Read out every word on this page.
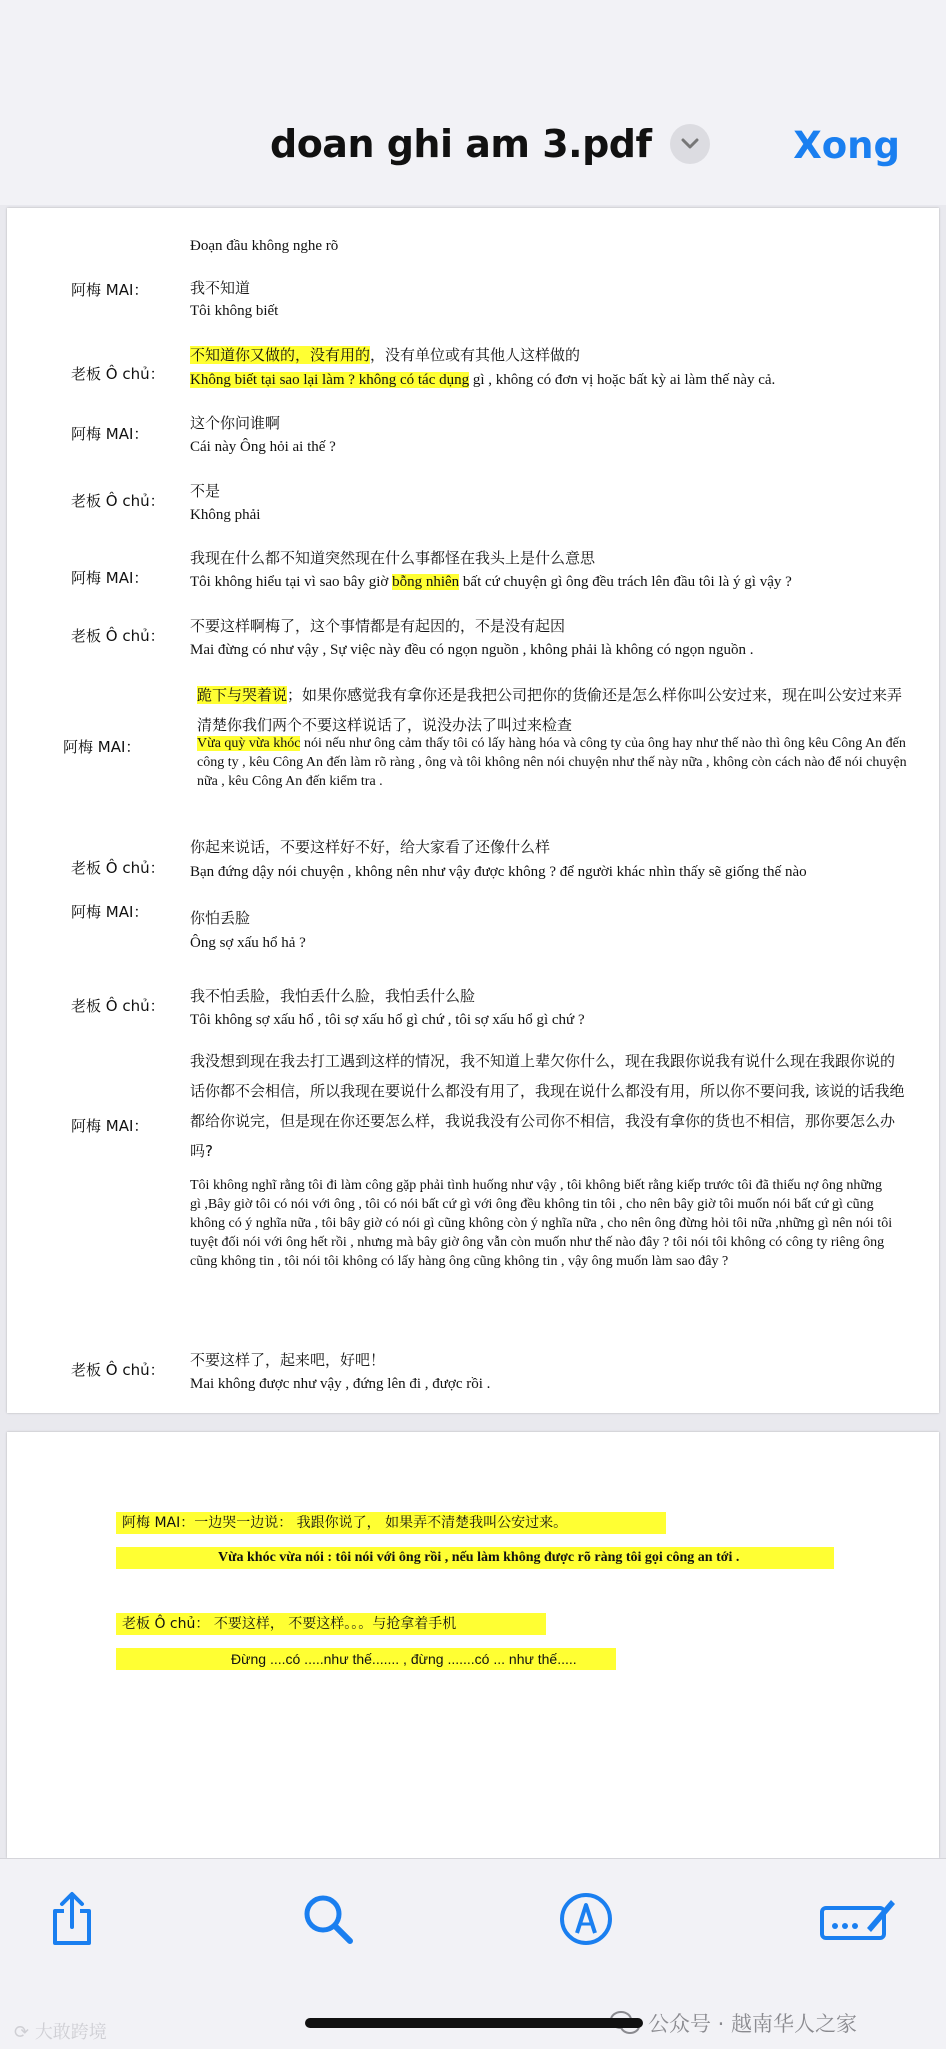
doan ghi am 3.pdf	Xong
Đoạn đầu không nghe rõ
阿梅 MAI：	我不知道
Tôi không biết
老板 Ô chủ：
不知道你又做的，没有用的，没有单位或有其他人这样做的
Không biết tại sao lại làm ? không có tác dụng gì , không có đơn vị hoặc bất kỳ ai làm thế này cả.
阿梅 MAI：
这个你问谁啊
Cái này Ông hỏi ai thế ?
老板 Ô chủ：
不是
Không phải
阿梅 MAI：
我现在什么都不知道突然现在什么事都怪在我头上是什么意思
Tôi không hiểu tại vì sao bây giờ bỗng nhiên bất cứ chuyện gì ông đều trách lên đầu tôi là ý gì vậy ?
老板 Ô chủ：
不要这样啊梅了，这个事情都是有起因的，不是没有起因
Mai đừng có như vậy , Sự việc này đều có ngọn nguồn , không phải là không có ngọn nguồn .
阿梅 MAI：
跪下与哭着说；如果你感觉我有拿你还是我把公司把你的货偷还是怎么样你叫公安过来，现在叫公安过来弄清楚你我们两个不要这样说话了，说没办法了叫过来检查
Vừa quỳ vừa khóc nói nếu như ông cảm thấy tôi có lấy hàng hóa và công ty của ông hay như thế nào thì ông kêu Công An đến công ty , kêu Công An đến làm rõ ràng , ông và tôi không nên nói chuyện như thế này nữa , không còn cách nào để nói chuyện nữa , kêu Công An đến kiểm tra .
老板 Ô chủ：
你起来说话，不要这样好不好，给大家看了还像什么样
Bạn đứng dậy nói chuyện , không nên như vậy được không ? để người khác nhìn thấy sẽ giống thế nào
阿梅 MAI：	你怕丢脸
Ông sợ xấu hổ hả ?
老板 Ô chủ：
我不怕丢脸，我怕丢什么脸，我怕丢什么脸
Tôi không sợ xấu hổ , tôi sợ xấu hổ gì chứ , tôi sợ xấu hổ gì chứ ?
阿梅 MAI：
我没想到现在我去打工遇到这样的情况，我不知道上辈欠你什么，现在我跟你说我有说什么现在我跟你说的话你都不会相信，所以我现在要说什么都没有用了，我现在说什么都没有用，所以你不要问我, 该说的话我绝都给你说完，但是现在你还要怎么样，我说我没有公司你不相信，我没有拿你的货也不相信，那你要怎么办吗?
Tôi không nghĩ rằng tôi đi làm công gặp phải tình huống như vậy , tôi không biết rằng kiếp trước tôi đã thiếu nợ ông những gì ,Bây giờ tôi có nói với ông , tôi có nói bất cứ gì với ông đều không tin tôi , cho nên bây giờ tôi muốn nói bất cứ gì cũng không có ý nghĩa nữa , tôi bây giờ có nói gì cũng không còn ý nghĩa nữa , cho nên ông đừng hỏi tôi nữa ,những gì nên nói tôi tuyệt đối nói với ông hết rồi , nhưng mà bây giờ ông vẫn còn muốn như thế nào đây ? tôi nói tôi không có công ty riêng ông cũng không tin , tôi nói tôi không có lấy hàng ông cũng không tin , vậy ông muốn làm sao đây ?
老板 Ô chủ：
不要这样了，起来吧，好吧！
Mai không được như vậy , đứng lên đi , được rồi .
阿梅 MAI：一边哭一边说： 我跟你说了， 如果弄不清楚我叫公安过来。
Vừa khóc vừa nói : tôi nói với ông rồi , nếu làm không được rõ ràng tôi gọi công an tới .
老板 Ô chủ： 不要这样， 不要这样。。。与抢拿着手机
Đừng ....có .....như thế....... , đừng .......có ... như thế.....
⟳ 大敢跨境	公众号 · 越南华人之家
